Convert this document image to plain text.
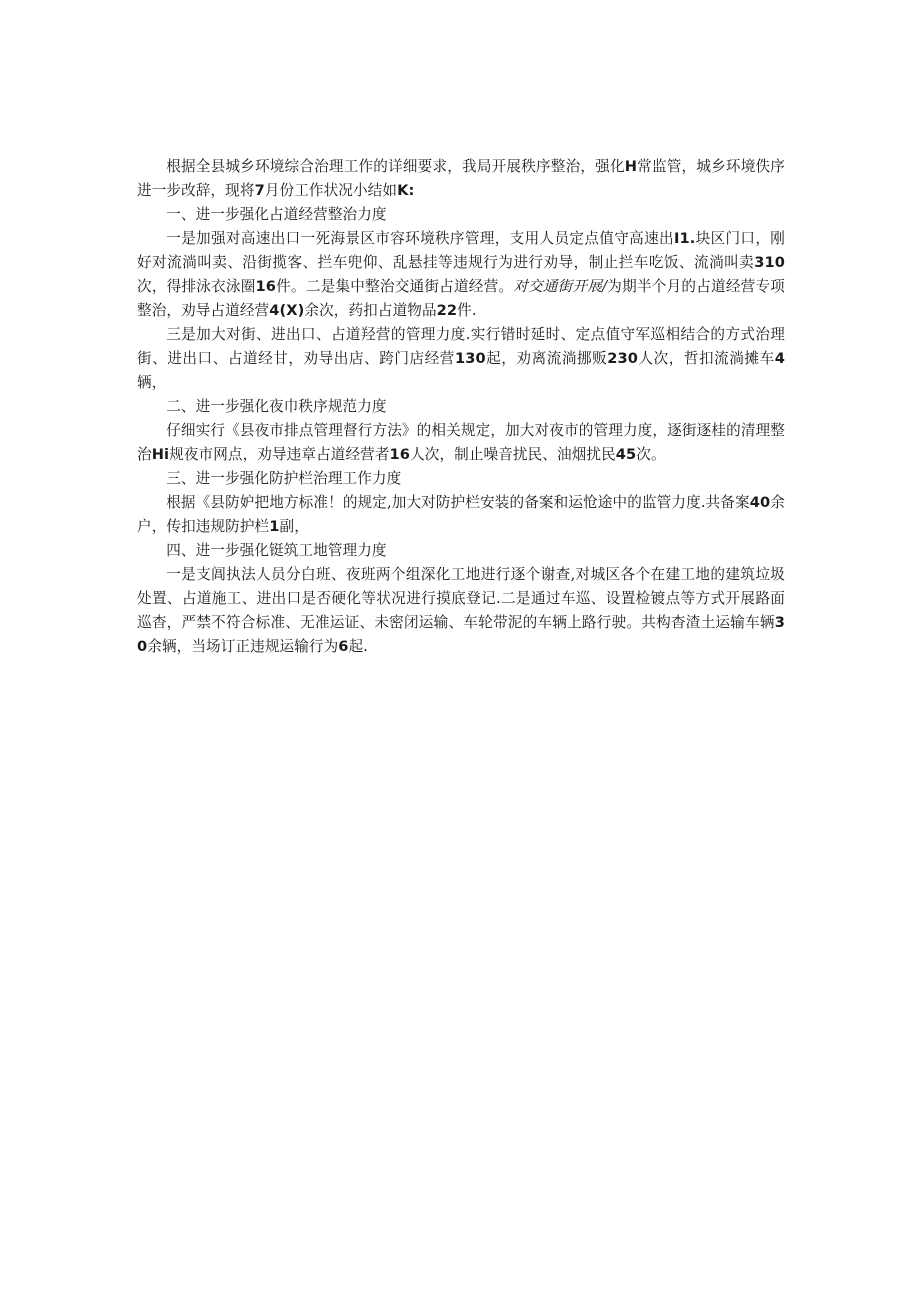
根据全县城乡环境综合治理工作的详细要求，我局开展秩序整治，强化H常监管，城乡环境佚序进一步改辞，现将7月份工作状况小结如K:

一、进一步强化占道经营整治力度

一是加强对高速出口一死海景区市容环境秩序管理，支用人员定点值守高速出I1.块区门口，刚好对流淌叫卖、沿街揽客、拦车兜仰、乱悬挂等违规行为进行劝导，制止拦车吃饭、流淌叫卖310次，得排泳衣泳圈16件。二是集中整治交通街占道经营。对交通街开展/为期半个月的占道经营专项整治，劝导占道经营4(X)余次，药扣占道物品22件.

三是加大对街、进出口、占道羟营的管理力度.实行错时延时、定点值守军巡相结合的方式治理街、进出口、占道经甘，劝导出店、跨门店经营130起，劝离流淌挪贩230人次，哲扣流淌摊车4辆，

二、进一步强化夜巾秩序规范力度

仔细实行《县夜市排点管理督行方法》的相关规定，加大对夜市的管理力度，逐街逐桂的清理整治Hi规夜市网点，劝导违章占道经营者16人次，制止噪音扰民、油烟扰民45次。

三、进一步强化防护栏治理工作力度

根据《县防妒把地方标准！的规定,加大对防护栏安装的备案和运怆途中的监管力度.共备案40余户，传扣违规防护栏1副，

四、进一步强化铤筑工地管理力度

一是支阊执法人员分白班、夜班两个组深化工地进行逐个谢查,对城区各个在建工地的建筑垃圾处置、占道施工、进出口是否硬化等状况进行摸底登记.二是通过车巡、设置检镀点等方式开展路面巡杳，严禁不符合标准、无准运证、未密闭运输、车轮带泥的车辆上路行驶。共构杳渣土运输车辆30余辆，当场订正违规运输行为6起.
